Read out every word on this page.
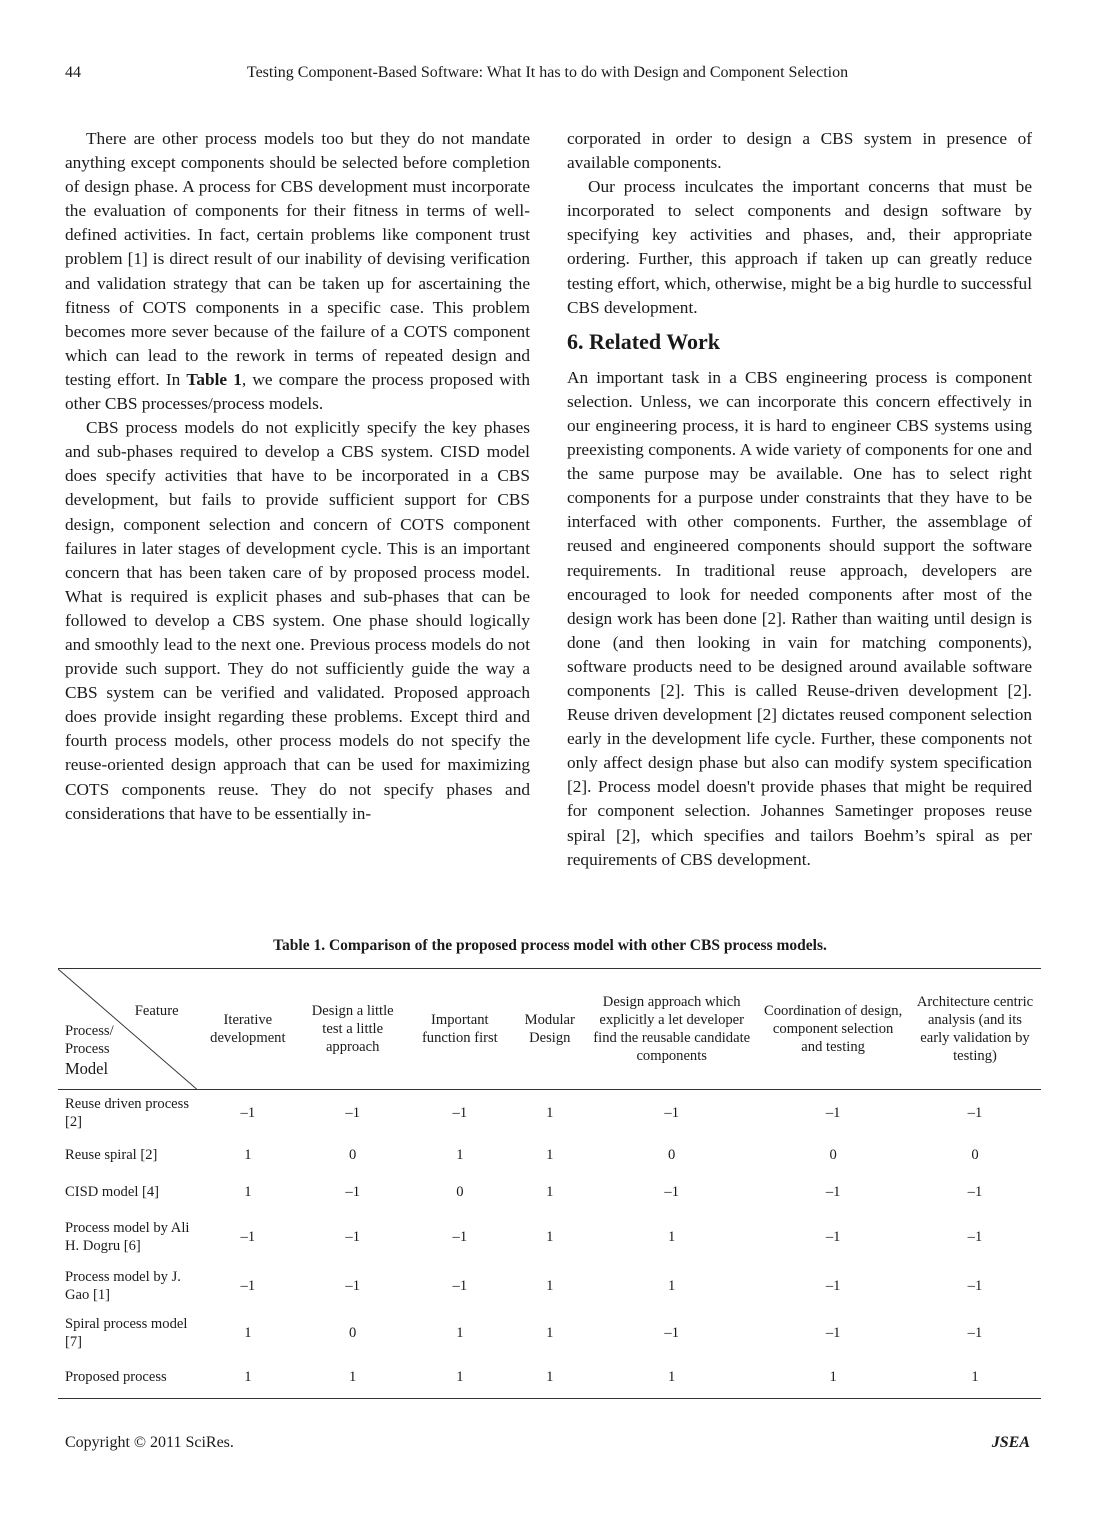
44	Testing Component-Based Software: What It has to do with Design and Component Selection

There are other process models too but they do not mandate anything except components should be selected before completion of design phase. A process for CBS development must incorporate the evaluation of components for their fitness in terms of well-defined activities. In fact, certain problems like component trust problem [1] is direct result of our inability of devising verification and validation strategy that can be taken up for ascertaining the fitness of COTS components in a specific case. This problem becomes more sever because of the failure of a COTS component which can lead to the rework in terms of repeated design and testing effort. In Table 1, we compare the process proposed with other CBS processes/process models.

CBS process models do not explicitly specify the key phases and sub-phases required to develop a CBS system. CISD model does specify activities that have to be incorporated in a CBS development, but fails to provide sufficient support for CBS design, component selection and concern of COTS component failures in later stages of development cycle. This is an important concern that has been taken care of by proposed process model. What is required is explicit phases and sub-phases that can be followed to develop a CBS system. One phase should logically and smoothly lead to the next one. Previous process models do not provide such support. They do not sufficiently guide the way a CBS system can be verified and validated. Proposed approach does provide insight regarding these problems. Except third and fourth process models, other process models do not specify the reuse-oriented design approach that can be used for maximizing COTS components reuse. They do not specify phases and considerations that have to be essentially in-

corporated in order to design a CBS system in presence of available components.

Our process inculcates the important concerns that must be incorporated to select components and design software by specifying key activities and phases, and, their appropriate ordering. Further, this approach if taken up can greatly reduce testing effort, which, otherwise, might be a big hurdle to successful CBS development.

6. Related Work

An important task in a CBS engineering process is component selection. Unless, we can incorporate this concern effectively in our engineering process, it is hard to engineer CBS systems using preexisting components. A wide variety of components for one and the same purpose may be available. One has to select right components for a purpose under constraints that they have to be interfaced with other components. Further, the assemblage of reused and engineered components should support the software requirements. In traditional reuse approach, developers are encouraged to look for needed components after most of the design work has been done [2]. Rather than waiting until design is done (and then looking in vain for matching components), software products need to be designed around available software components [2]. This is called Reuse-driven development [2]. Reuse driven development [2] dictates reused component selection early in the development life cycle. Further, these components not only affect design phase but also can modify system specification [2]. Process model doesn't provide phases that might be required for component selection. Johannes Sametinger proposes reuse spiral [2], which specifies and tailors Boehm’s spiral as per requirements of CBS development.

Table 1. Comparison of the proposed process model with other CBS process models.
Feature
Process/
Process
Model	Iterative development	Design a little test a little approach	Important function first	Modular Design	Design approach which explicitly a let developer find the reusable candidate components	Coordination of design, component selection and testing	Architecture centric analysis (and its early validation by testing)
Reuse driven process [2]	–1	–1	–1	1	–1	–1	–1
Reuse spiral [2]	1	0	1	1	0	0	0
CISD model [4]	1	–1	0	1	–1	–1	–1
Process model by Ali H. Dogru [6]	–1	–1	–1	1	1	–1	–1
Process model by J. Gao [1]	–1	–1	–1	1	1	–1	–1
Spiral process model [7]	1	0	1	1	–1	–1	–1
Proposed process	1	1	1	1	1	1	1
Copyright © 2011 SciRes.	JSEA
